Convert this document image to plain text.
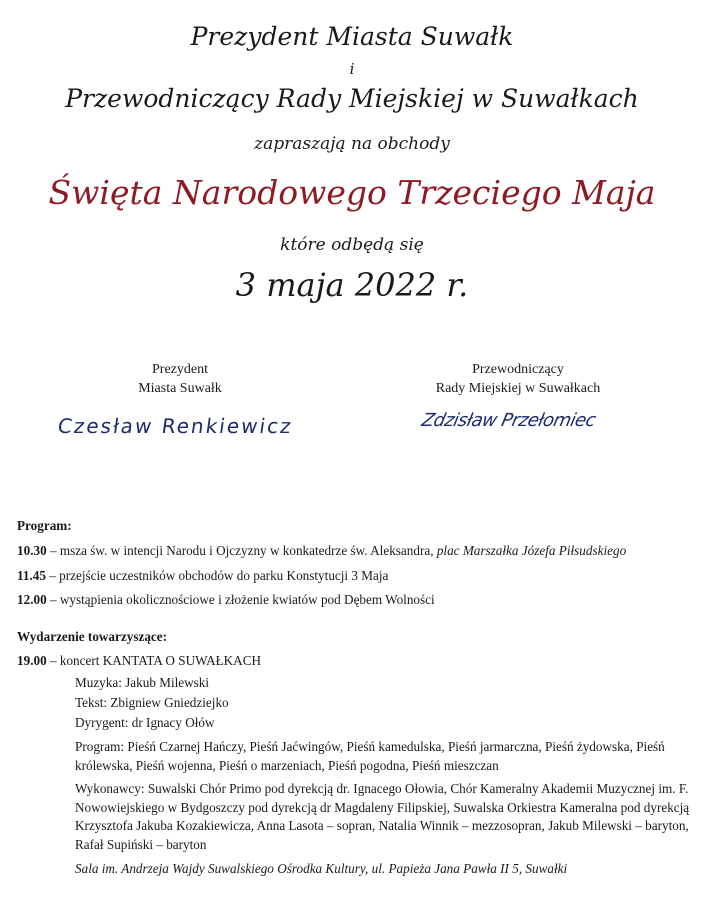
Prezydent Miasta Suwałk
i
Przewodniczący Rady Miejskiej w Suwałkach
zapraszają na obchody
Święta Narodowego Trzeciego Maja
które odbędą się
3 maja 2022 r.
Prezydent
Miasta Suwałk
Czesław Renkiewicz
Przewodniczący
Rady Miejskiej w Suwałkach
Zdzisław Przełomiec
Program:
10.30 – msza św. w intencji Narodu i Ojczyzny w konkatedrze św. Aleksandra, plac Marszałka Józefa Piłsudskiego
11.45 – przejście uczestników obchodów do parku Konstytucji 3 Maja
12.00 – wystąpienia okolicznościowe i złożenie kwiatów pod Dębem Wolności
Wydarzenie towarzyszące:
19.00 – koncert KANTATA O SUWAŁKACH
Muzyka: Jakub Milewski
Tekst: Zbigniew Gniedziejko
Dyrygent: dr Ignacy Ołów
Program: Pieśń Czarnej Hańczy, Pieśń Jaćwingów, Pieśń kamedulska, Pieśń jarmarczna, Pieśń żydowska, Pieśń królewska, Pieśń wojenna, Pieśń o marzeniach, Pieśń pogodna, Pieśń mieszczan
Wykonawcy: Suwalski Chór Primo pod dyrekcją dr. Ignacego Ołowia, Chór Kameralny Akademii Muzycznej im. F. Nowowiejskiego w Bydgoszczy pod dyrekcją dr Magdaleny Filipskiej, Suwalska Orkiestra Kameralna pod dyrekcją Krzysztofa Jakuba Kozakiewicza, Anna Lasota – sopran, Natalia Winnik – mezzosopran, Jakub Milewski – baryton, Rafał Supiński – baryton
Sala im. Andrzeja Wajdy Suwalskiego Ośrodka Kultury, ul. Papieża Jana Pawła II 5, Suwałki
